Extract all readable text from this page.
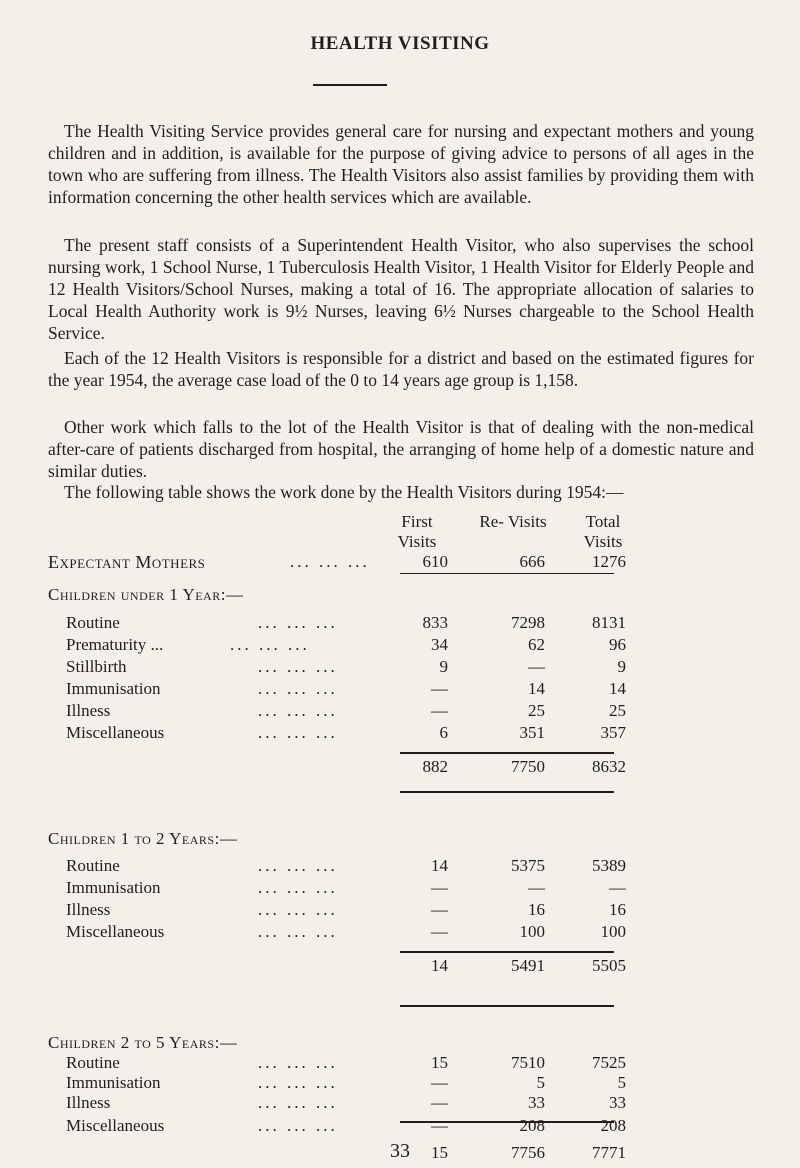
HEALTH VISITING

The Health Visiting Service provides general care for nursing and expectant mothers and young children and in addition, is available for the purpose of giving advice to persons of all ages in the town who are suffering from illness. The Health Visitors also assist families by providing them with information concerning the other health services which are available.

The present staff consists of a Superintendent Health Visitor, who also supervises the school nursing work, 1 School Nurse, 1 Tuberculosis Health Visitor, 1 Health Visitor for Elderly People and 12 Health Visitors/School Nurses, making a total of 16. The appropriate allocation of salaries to Local Health Authority work is 9½ Nurses, leaving 6½ Nurses chargeable to the School Health Service.

Each of the 12 Health Visitors is responsible for a district and based on the estimated figures for the year 1954, the average case load of the 0 to 14 years age group is 1,158.

Other work which falls to the lot of the Health Visitor is that of dealing with the non-medical after-care of patients discharged from hospital, the arranging of home help of a domestic nature and similar duties.

The following table shows the work done by the Health Visitors during 1954:—
First Visits
Re- Visits	Total Visits
Expectant Mothers	... ... ...	610	666	1276
Children under 1 Year:—
Routine	... ... ...	833	7298	8131
Prematurity ...	... ... ...	34	62	96
Stillbirth	... ... ...	9	—	9
Immunisation	... ... ...	—	14	14
Illness	... ... ...	—	25	25
Miscellaneous	... ... ...	6	351	357
882	7750	8632
Children 1 to 2 Years:—
Routine	... ... ...	14	5375	5389
Immunisation	... ... ...	—	—	—
Illness	... ... ...	—	16	16
Miscellaneous	... ... ...	—	100	100
14	5491	5505
Children 2 to 5 Years:—
Routine	... ... ...	15	7510	7525
Immunisation	... ... ...	—	5	5
Illness	... ... ...	—	33	33
Miscellaneous	... ... ...	—	208	208
15	7756	7771
33
